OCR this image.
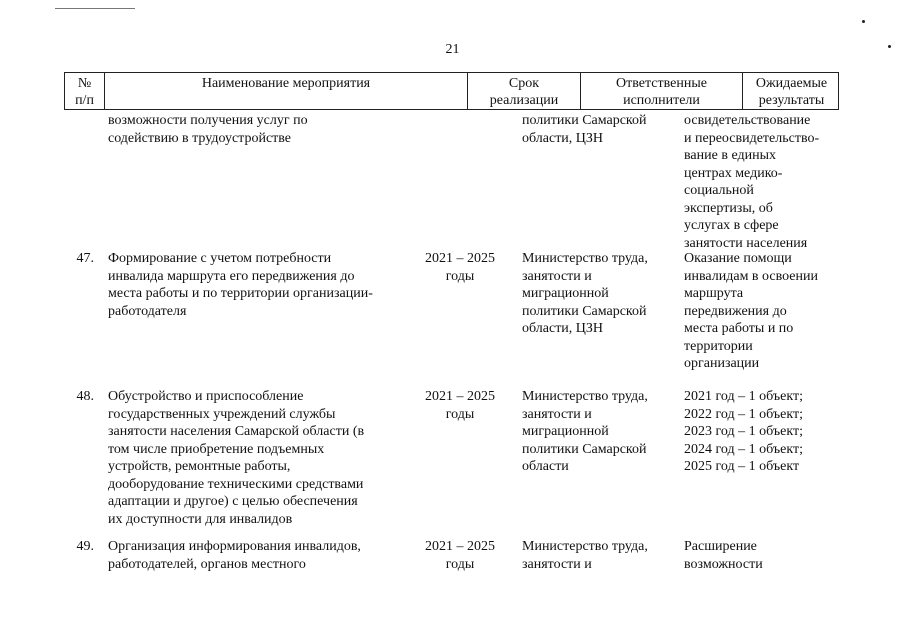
21
№
п/п
Наименование мероприятия	Срок
реализации
Ответственные
исполнители
Ожидаемые
результаты
возможности получения услуг по
содействию в трудоустройстве
политики Самарской
области, ЦЗН
освидетельствование
и переосвидетельство-
вание в единых
центрах медико-
социальной
экспертизы, об
услугах в сфере
занятости населения
47. Формирование с учетом потребности
инвалида маршрута его передвижения до
места работы и по территории организации-
работодателя
2021 – 2025
годы
Министерство труда,
занятости и
миграционной
политики Самарской
области, ЦЗН
Оказание помощи
инвалидам в освоении
маршрута
передвижения до
места работы и по
территории
организации
48. Обустройство и приспособление
государственных учреждений службы
занятости населения Самарской области (в
том числе приобретение подъемных
устройств, ремонтные работы,
дооборудование техническими средствами
адаптации и другое) с целью обеспечения
их доступности для инвалидов
2021 – 2025
годы
Министерство труда,
занятости и
миграционной
политики Самарской
области
2021 год – 1 объект;
2022 год – 1 объект;
2023 год – 1 объект;
2024 год – 1 объект;
2025 год – 1 объект
49. Организация информирования инвалидов,
работодателей, органов местного
2021 – 2025
годы
Министерство труда,
занятости и
Расширение
возможности
